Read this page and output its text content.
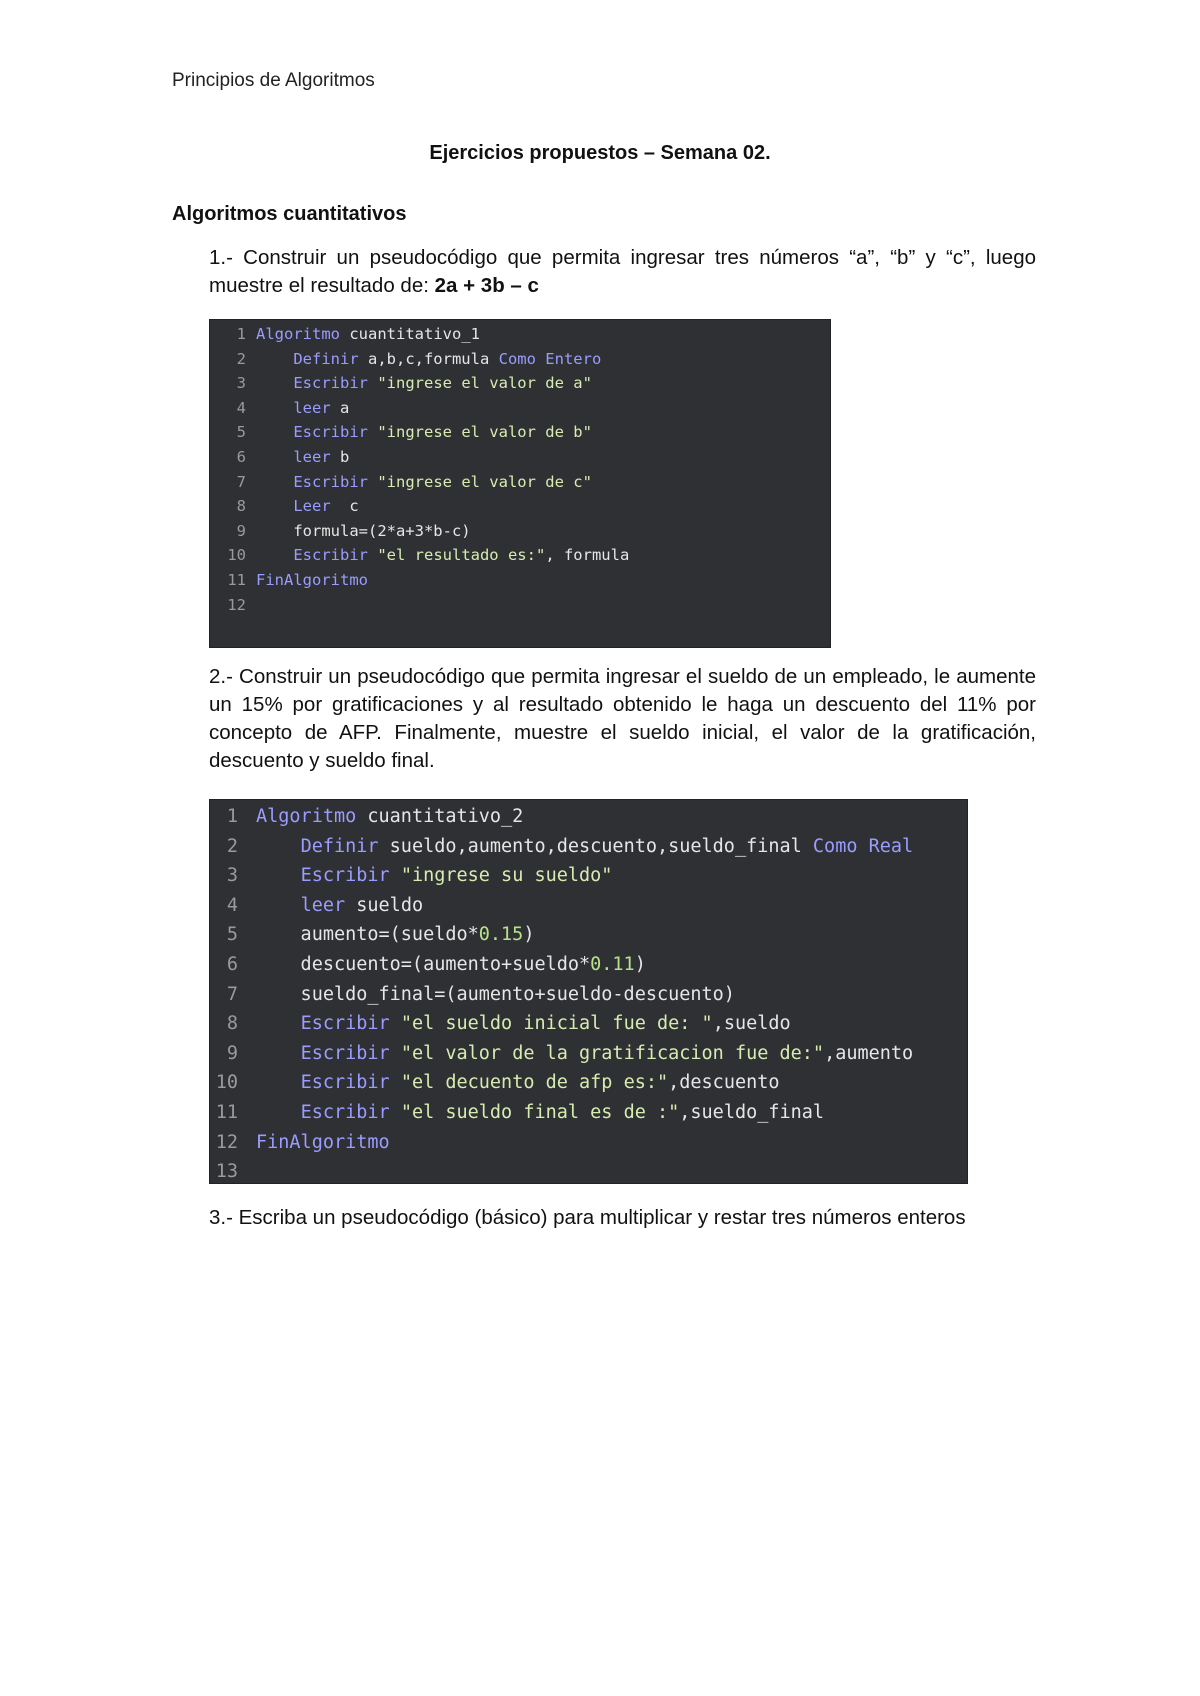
Principios de Algoritmos
Ejercicios propuestos – Semana 02.
Algoritmos cuantitativos
1.- Construir un pseudocódigo que permita ingresar tres números “a”, “b” y “c”, luego muestre el resultado de: 2a + 3b – c
1 Algoritmo cuantitativo_1
2	Definir a,b,c,formula Como Entero
3	Escribir "ingrese el valor de a"
4	leer a
5	Escribir "ingrese el valor de b"
6	leer b
7	Escribir "ingrese el valor de c"
8	Leer  c
9 formula=(2*a+3*b-c)
10	Escribir "el resultado es:", formula
11 FinAlgoritmo
12
2.- Construir un pseudocódigo que permita ingresar el sueldo de un empleado, le aumente un 15% por gratificaciones y al resultado obtenido le haga un descuento del 11% por concepto de AFP. Finalmente, muestre el sueldo inicial, el valor de la gratificación, descuento y sueldo final.
1 Algoritmo cuantitativo_2
2	Definir sueldo,aumento,descuento,sueldo_final Como Real
3	Escribir "ingrese su sueldo"
4	leer sueldo
5 aumento=(sueldo*0.15)
6 descuento=(aumento+sueldo*0.11)
7 sueldo_final=(aumento+sueldo-descuento)
8	Escribir "el sueldo inicial fue de: ",sueldo
9	Escribir "el valor de la gratificacion fue de:",aumento
10	Escribir "el decuento de afp es:",descuento
11	Escribir "el sueldo final es de :",sueldo_final
12 FinAlgoritmo
13
3.- Escriba un pseudocódigo (básico) para multiplicar y restar tres números enteros
